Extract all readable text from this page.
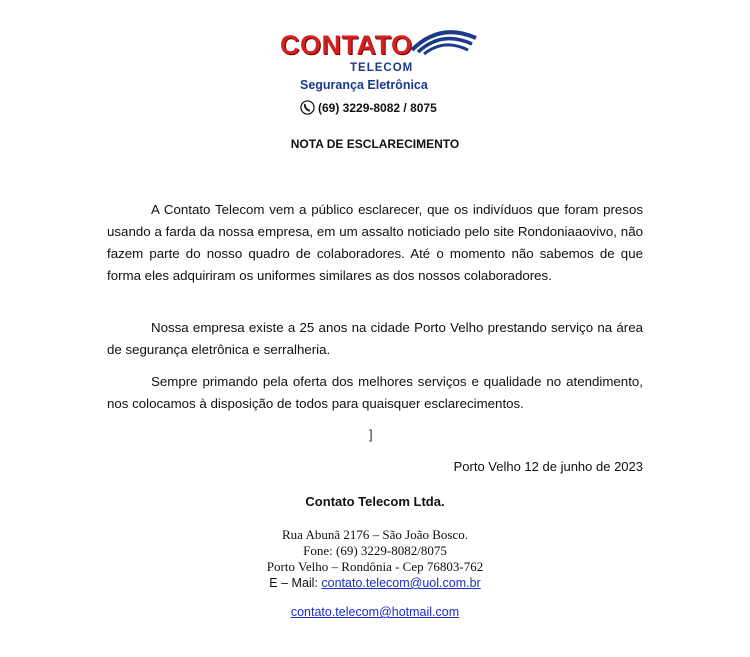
CONTATO
TELECOM
Segurança Eletrônica
(69) 3229-8082 / 8075
NOTA DE ESCLARECIMENTO

A Contato Telecom vem a público esclarecer, que os indivíduos que foram presos usando a farda da nossa empresa, em um assalto noticiado pelo site Rondoniaaovivo, não fazem parte do nosso quadro de colaboradores. Até o momento não sabemos de que forma eles adquiriram os uniformes similares as dos nossos colaboradores.

Nossa empresa existe a 25 anos na cidade Porto Velho prestando serviço na área de segurança eletrônica e serralheria.

Sempre primando pela oferta dos melhores serviços e qualidade no atendimento, nos colocamos à disposição de todos para quaisquer esclarecimentos.

]
Porto Velho 12 de junho de 2023
Contato Telecom Ltda.
Rua Abunã 2176 – São João Bosco.
Fone: (69) 3229-8082/8075
Porto Velho – Rondônia - Cep 76803-762
E – Mail: contato.telecom@uol.com.br
contato.telecom@hotmail.com
